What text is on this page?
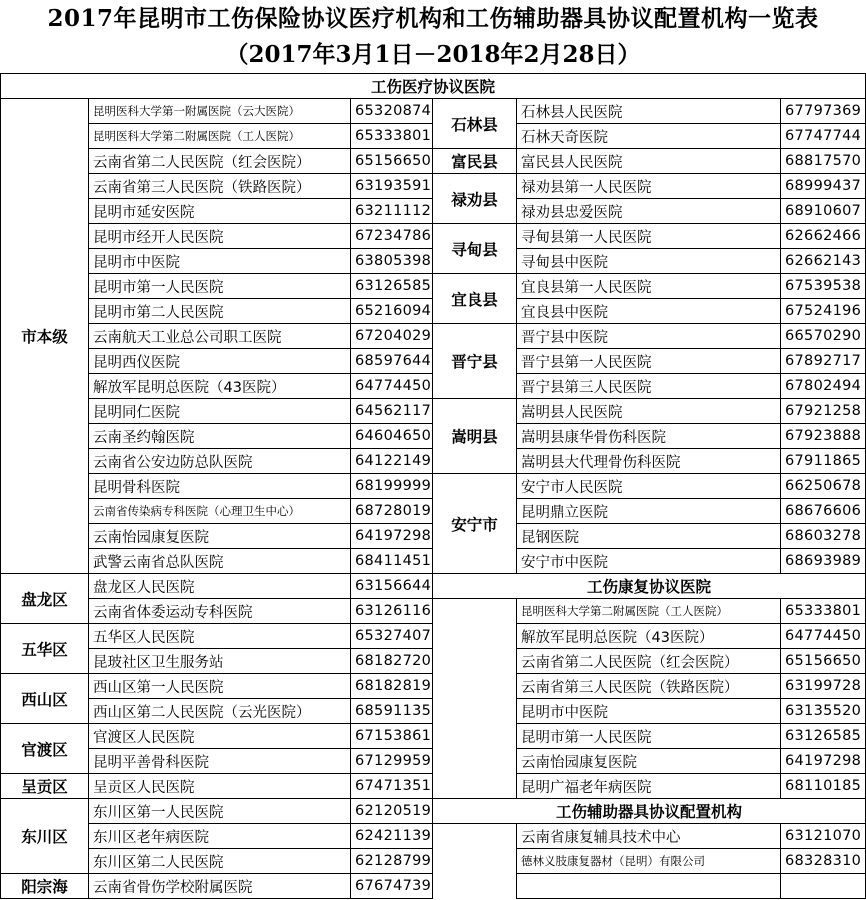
2017年昆明市工伤保险协议医疗机构和工伤辅助器具协议配置机构一览表
（2017年3月1日－2018年2月28日）
工伤医疗协议医院					
市本级	昆明医科大学第一附属医院（云大医院）	65320874	石林县	石林县人民医院	67797369
	昆明医科大学第二附属医院（工人医院）	65333801		石林天奇医院	67747744
	云南省第二人民医院（红会医院）	65156650	富民县	富民县人民医院	68817570
	云南省第三人民医院（铁路医院）	63193591	禄劝县	禄劝县第一人民医院	68999437
	昆明市延安医院	63211112		禄劝县忠爱医院	68910607
	昆明市经开人民医院	67234786	寻甸县	寻甸县第一人民医院	62662466
	昆明市中医院	63805398		寻甸县中医院	62662143
	昆明市第一人民医院	63126585	宜良县	宜良县第一人民医院	67539538
	昆明市第二人民医院	65216094		宜良县中医院	67524196
	云南航天工业总公司职工医院	67204029	晋宁县	晋宁县中医院	66570290
	昆明西仪医院	68597644		晋宁县第一人民医院	67892717
	解放军昆明总医院（43医院）	64774450		晋宁县第三人民医院	67802494
	昆明同仁医院	64562117	嵩明县	嵩明县人民医院	67921258
	云南圣约翰医院	64604650		嵩明县康华骨伤科医院	67923888
	云南省公安边防总队医院	64122149		嵩明县大代理骨伤科医院	67911865
	昆明骨科医院	68199999	安宁市	安宁市人民医院	66250678
	云南省传染病专科医院（心理卫生中心）	68728019		昆明鼎立医院	68676606
	云南怡园康复医院	64197298		昆钢医院	68603278
	武警云南省总队医院	68411451		安宁市中医院	68693989
盘龙区	盘龙区人民医院	63156644	工伤康复协议医院		
	云南省体委运动专科医院	63126116		昆明医科大学第二附属医院（工人医院）	65333801
五华区	五华区人民医院	65327407		解放军昆明总医院（43医院）	64774450
	昆玻社区卫生服务站	68182720		云南省第二人民医院（红会医院）	65156650
西山区	西山区第一人民医院	68182819		云南省第三人民医院（铁路医院）	63199728
	西山区第二人民医院（云光医院）	68591135		昆明市中医院	63135520
官渡区	官渡区人民医院	67153861		昆明市第一人民医院	63126585
	昆明平善骨科医院	67129959		云南怡园康复医院	64197298
呈贡区	呈贡区人民医院	67471351		昆明广福老年病医院	68110185
东川区	东川区第一人民医院	62120519	工伤辅助器具协议配置机构		
	东川区老年病医院	62421139		云南省康复辅具技术中心	63121070
	东川区第二人民医院	62128799		德林义肢康复器材（昆明）有限公司	68328310
阳宗海	云南省骨伤学校附属医院	67674739			
